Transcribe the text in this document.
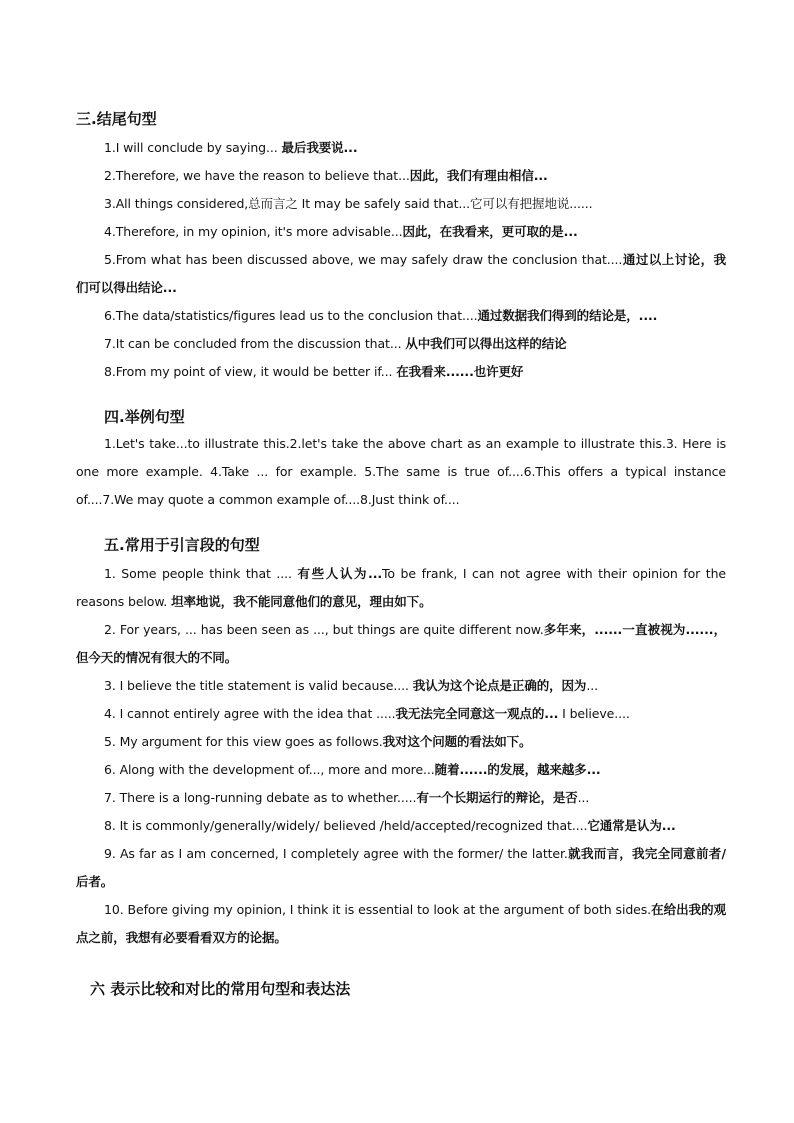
三.结尾句型

1.I will conclude by saying... 最后我要说...

2.Therefore, we have the reason to believe that...因此，我们有理由相信...

3.All things considered,总而言之 It may be safely said that...它可以有把握地说......

4.Therefore, in my opinion, it's more advisable...因此，在我看来，更可取的是...

5.From what has been discussed above, we may safely draw the conclusion that....通过以上讨论，我们可以得出结论...

6.The data/statistics/figures lead us to the conclusion that....通过数据我们得到的结论是，....

7.It can be concluded from the discussion that... 从中我们可以得出这样的结论

8.From my point of view, it would be better if... 在我看来......也许更好

四.举例句型

1.Let's take...to illustrate this.2.let's take the above chart as an example to illustrate this.3. Here is one more example. 4.Take ... for example. 5.The same is true of....6.This offers a typical instance of....7.We may quote a common example of....8.Just think of....

五.常用于引言段的句型

1. Some people think that .... 有些人认为...To be frank, I can not agree with their opinion for the reasons below. 坦率地说，我不能同意他们的意见，理由如下。

2. For years, ... has been seen as ..., but things are quite different now.多年来，......一直被视为......，但今天的情况有很大的不同。

3. I believe the title statement is valid because.... 我认为这个论点是正确的，因为...

4. I cannot entirely agree with the idea that .....我无法完全同意这一观点的... I believe....

5. My argument for this view goes as follows.我对这个问题的看法如下。

6. Along with the development of..., more and more...随着......的发展，越来越多...

7. There is a long-running debate as to whether.....有一个长期运行的辩论，是否...

8. It is commonly/generally/widely/ believed /held/accepted/recognized that....它通常是认为...

9. As far as I am concerned, I completely agree with the former/ the latter.就我而言，我完全同意前者/后者。

10. Before giving my opinion, I think it is essential to look at the argument of both sides.在给出我的观点之前，我想有必要看看双方的论据。

六 表示比较和对比的常用句型和表达法
